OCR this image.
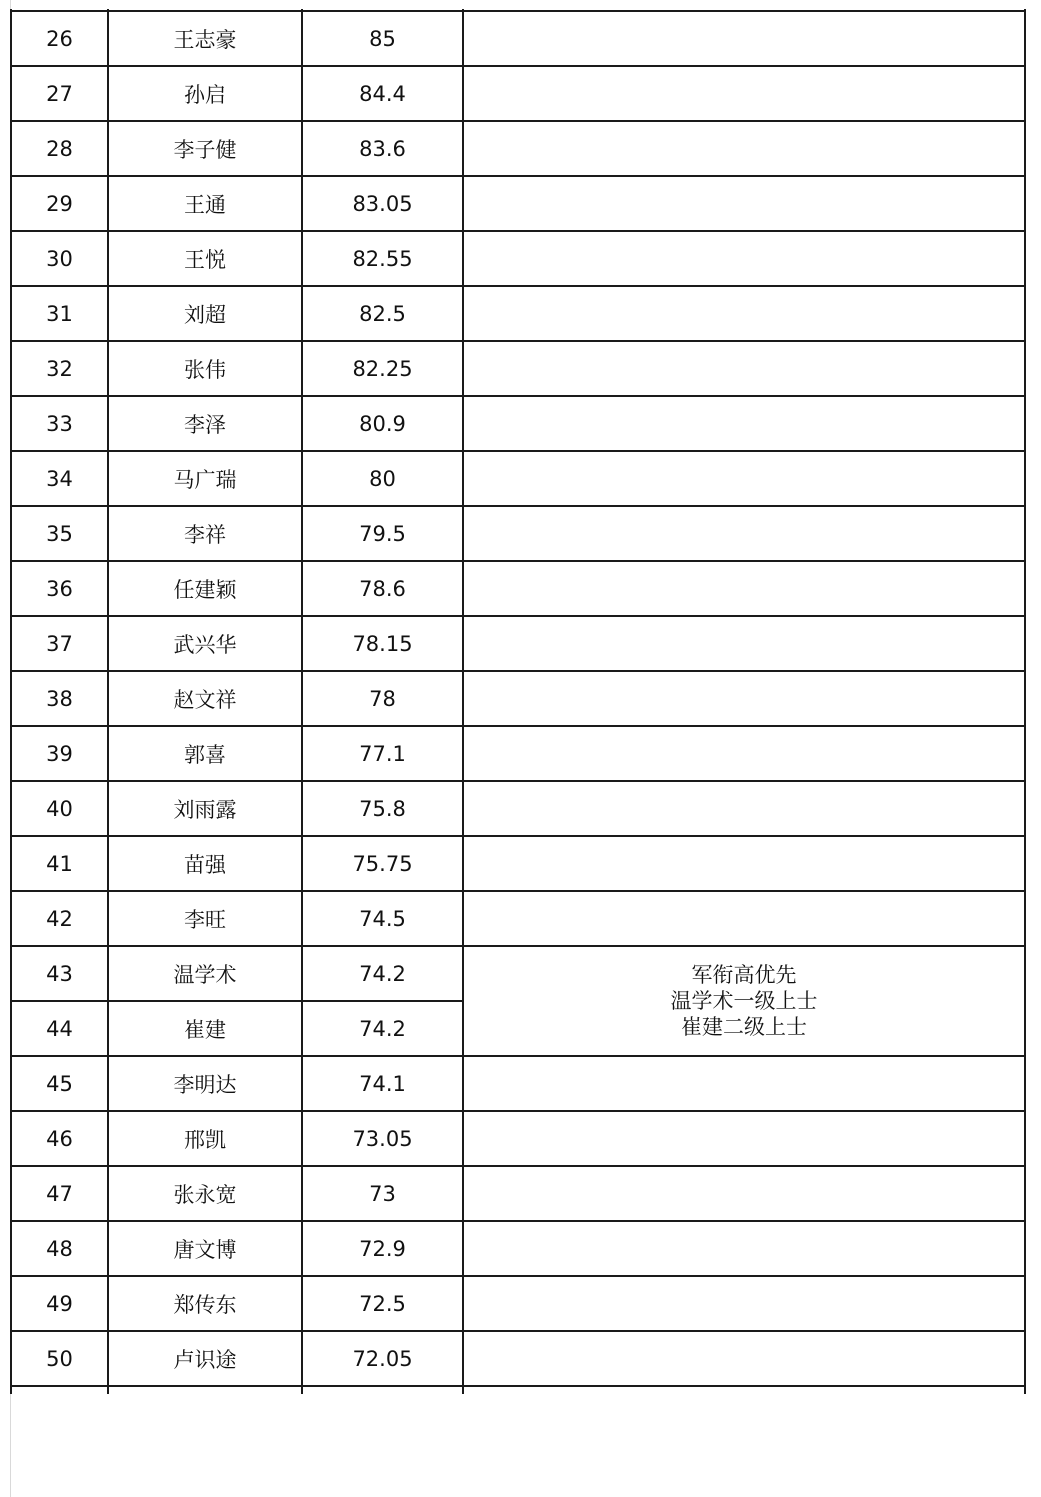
26	王志豪	85	
27	孙启	84.4	
28	李子健	83.6	
29	王通	83.05	
30	王悦	82.55	
31	刘超	82.5	
32	张伟	82.25	
33	李泽	80.9	
34	马广瑞	80	
35	李祥	79.5	
36	任建颖	78.6	
37	武兴华	78.15	
38	赵文祥	78	
39	郭喜	77.1	
40	刘雨露	75.8	
41	苗强	75.75	
42	李旺	74.5	
43	温学术	74.2	军衔高优先
温学术一级上士
崔建二级上士

44	崔建	74.2	
45	李明达	74.1	
46	邢凯	73.05	
47	张永宽	73	
48	唐文博	72.9	
49	郑传东	72.5	
50	卢识途	72.05	
